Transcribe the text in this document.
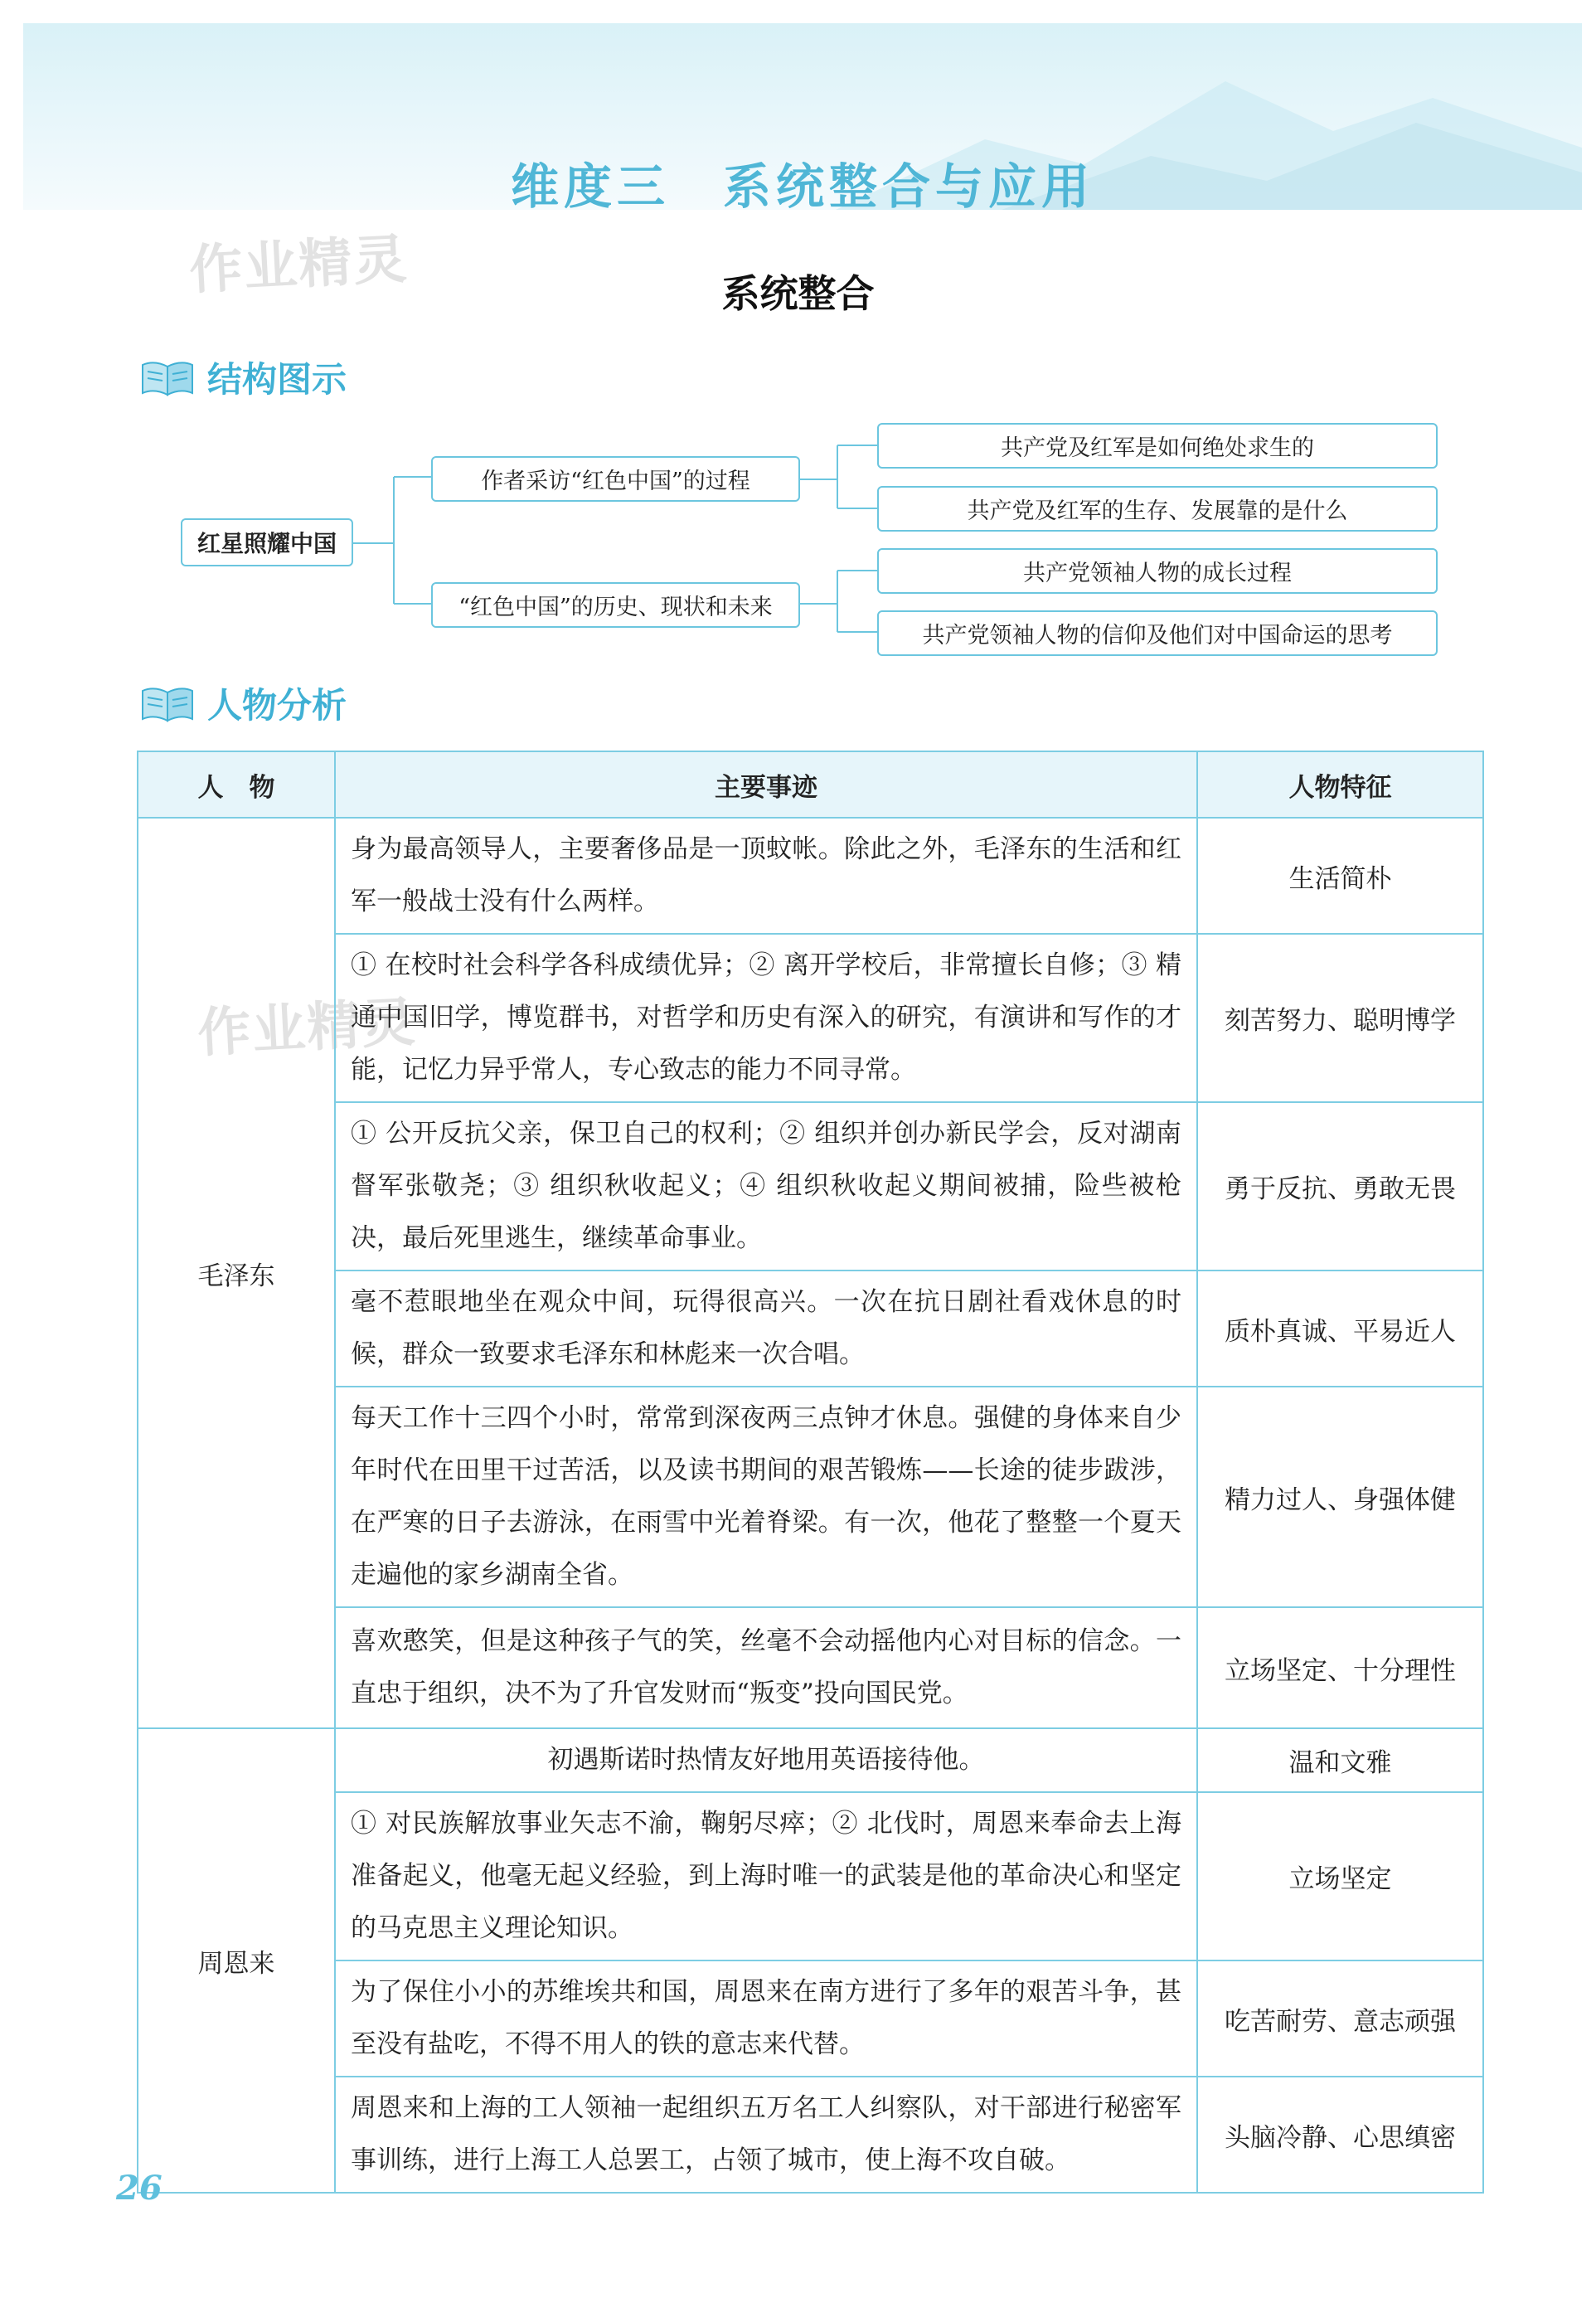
维度三　系统整合与应用
作业精灵
作业精灵
系统整合
结构图示
红星照耀中国
作者采访“红色中国”的过程
“红色中国”的历史、现状和未来
共产党及红军是如何绝处求生的
共产党及红军的生存、发展靠的是什么
共产党领袖人物的成长过程
共产党领袖人物的信仰及他们对中国命运的思考
人物分析
人　物	主要事迹	人物特征
毛泽东	身为最高领导人，主要奢侈品是一顶蚊帐。除此之外，毛泽东的生活和红军一般战士没有什么两样。	生活简朴
	① 在校时社会科学各科成绩优异；② 离开学校后，非常擅长自修；③ 精通中国旧学，博览群书，对哲学和历史有深入的研究，有演讲和写作的才能，记忆力异乎常人，专心致志的能力不同寻常。	刻苦努力、聪明博学
	① 公开反抗父亲，保卫自己的权利；② 组织并创办新民学会，反对湖南督军张敬尧；③ 组织秋收起义；④ 组织秋收起义期间被捕，险些被枪决，最后死里逃生，继续革命事业。	勇于反抗、勇敢无畏
	毫不惹眼地坐在观众中间，玩得很高兴。一次在抗日剧社看戏休息的时候，群众一致要求毛泽东和林彪来一次合唱。	质朴真诚、平易近人
	每天工作十三四个小时，常常到深夜两三点钟才休息。强健的身体来自少年时代在田里干过苦活，以及读书期间的艰苦锻炼——长途的徒步跋涉，在严寒的日子去游泳，在雨雪中光着脊梁。有一次，他花了整整一个夏天走遍他的家乡湖南全省。	精力过人、身强体健
	喜欢憨笑，但是这种孩子气的笑，丝毫不会动摇他内心对目标的信念。一直忠于组织，决不为了升官发财而“叛变”投向国民党。	立场坚定、十分理性
周恩来	初遇斯诺时热情友好地用英语接待他。	温和文雅
	① 对民族解放事业矢志不渝，鞠躬尽瘁；② 北伐时，周恩来奉命去上海准备起义，他毫无起义经验，到上海时唯一的武装是他的革命决心和坚定的马克思主义理论知识。	立场坚定
	为了保住小小的苏维埃共和国，周恩来在南方进行了多年的艰苦斗争，甚至没有盐吃，不得不用人的铁的意志来代替。	吃苦耐劳、意志顽强
	周恩来和上海的工人领袖一起组织五万名工人纠察队，对干部进行秘密军事训练，进行上海工人总罢工，占领了城市，使上海不攻自破。	头脑冷静、心思缜密
26
